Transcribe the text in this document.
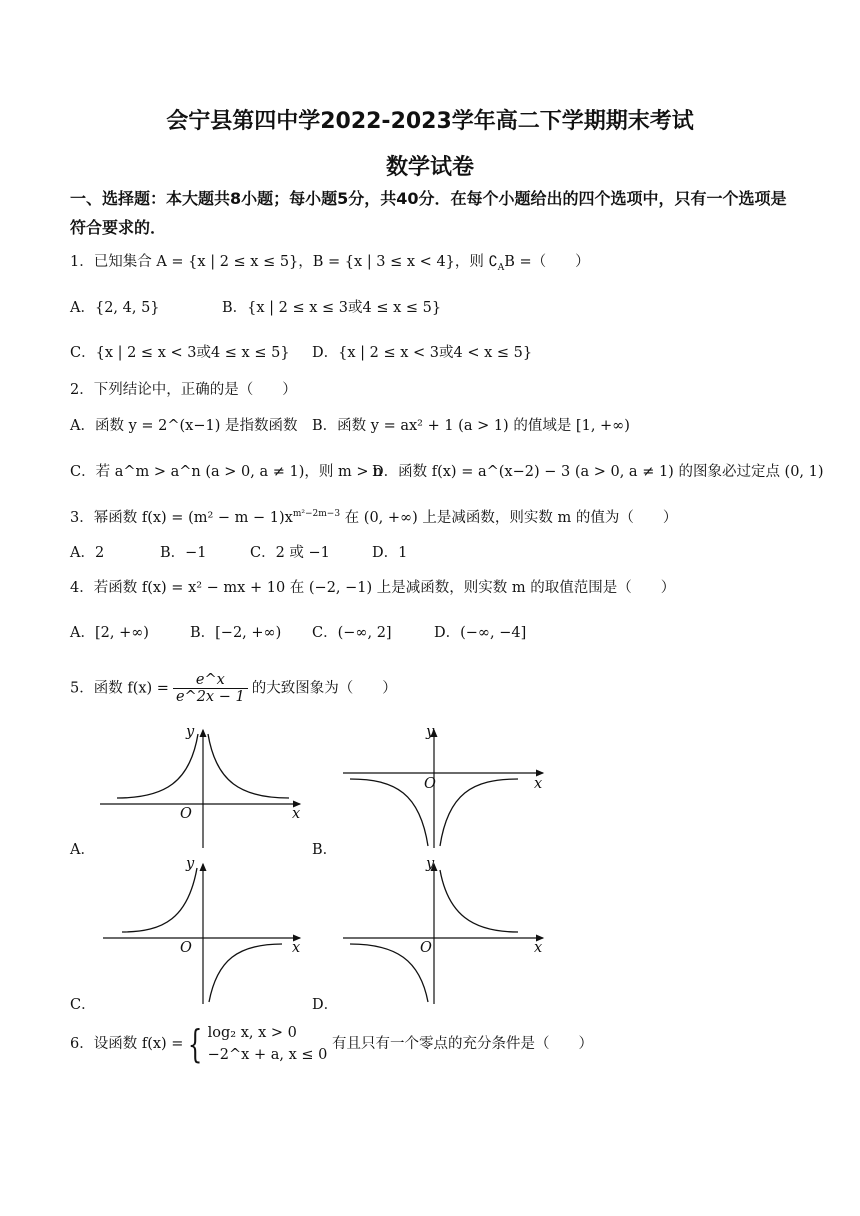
会宁县第四中学2022-2023学年高二下学期期末考试
数学试卷
一、选择题：本大题共8小题；每小题5分，共40分．在每个小题给出的四个选项中，只有一个选项是符合要求的．
1．已知集合 A = {x | 2 ≤ x ≤ 5}，B = {x | 3 ≤ x < 4}，则 $∁_AB$ =（　　）
A．{2, 4, 5}	B．{x | 2 ≤ x ≤ 3或4 ≤ x ≤ 5}
C．{x | 2 ≤ x < 3或4 ≤ x ≤ 5} D．{x | 2 ≤ x < 3或4 < x ≤ 5}
2．下列结论中，正确的是（　　）
A．函数 y = 2^(x−1) 是指数函数 B．函数 y = ax² + 1 (a > 1) 的值域是 [1, +∞)
C．若 a^m > a^n (a > 0, a ≠ 1)，则 m > n
D．函数 f(x) = a^(x−2) − 3 (a > 0, a ≠ 1) 的图象必过定点 (0, 1)
3．幂函数 $f(x) = (m^2 - m - 1)x^{m^2-2m-3}$ 在 (0, +∞) 上是减函数，则实数 m 的值为（　　）
A．2	B．−1	C．2 或 −1	D．1
4．若函数 f(x) = x² − mx + 10 在 (−2, −1) 上是减函数，则实数 m 的取值范围是（　　）
A．[2, +∞)	B．[−2, +∞) C．(−∞, 2]	D．(−∞, −4]
5．函数 $f(x) = \frac{e\^{}x}{e\^{}2x - 1}$ 的大致图象为（　　）
y
O	x
A．
y
O	x
B．
y
O	x
C．
y
O	x
D．
6．设函数 f(x) = { log₂ x, x > 0
−2^x + a, x ≤ 0
有且只有一个零点的充分条件是（　　）
